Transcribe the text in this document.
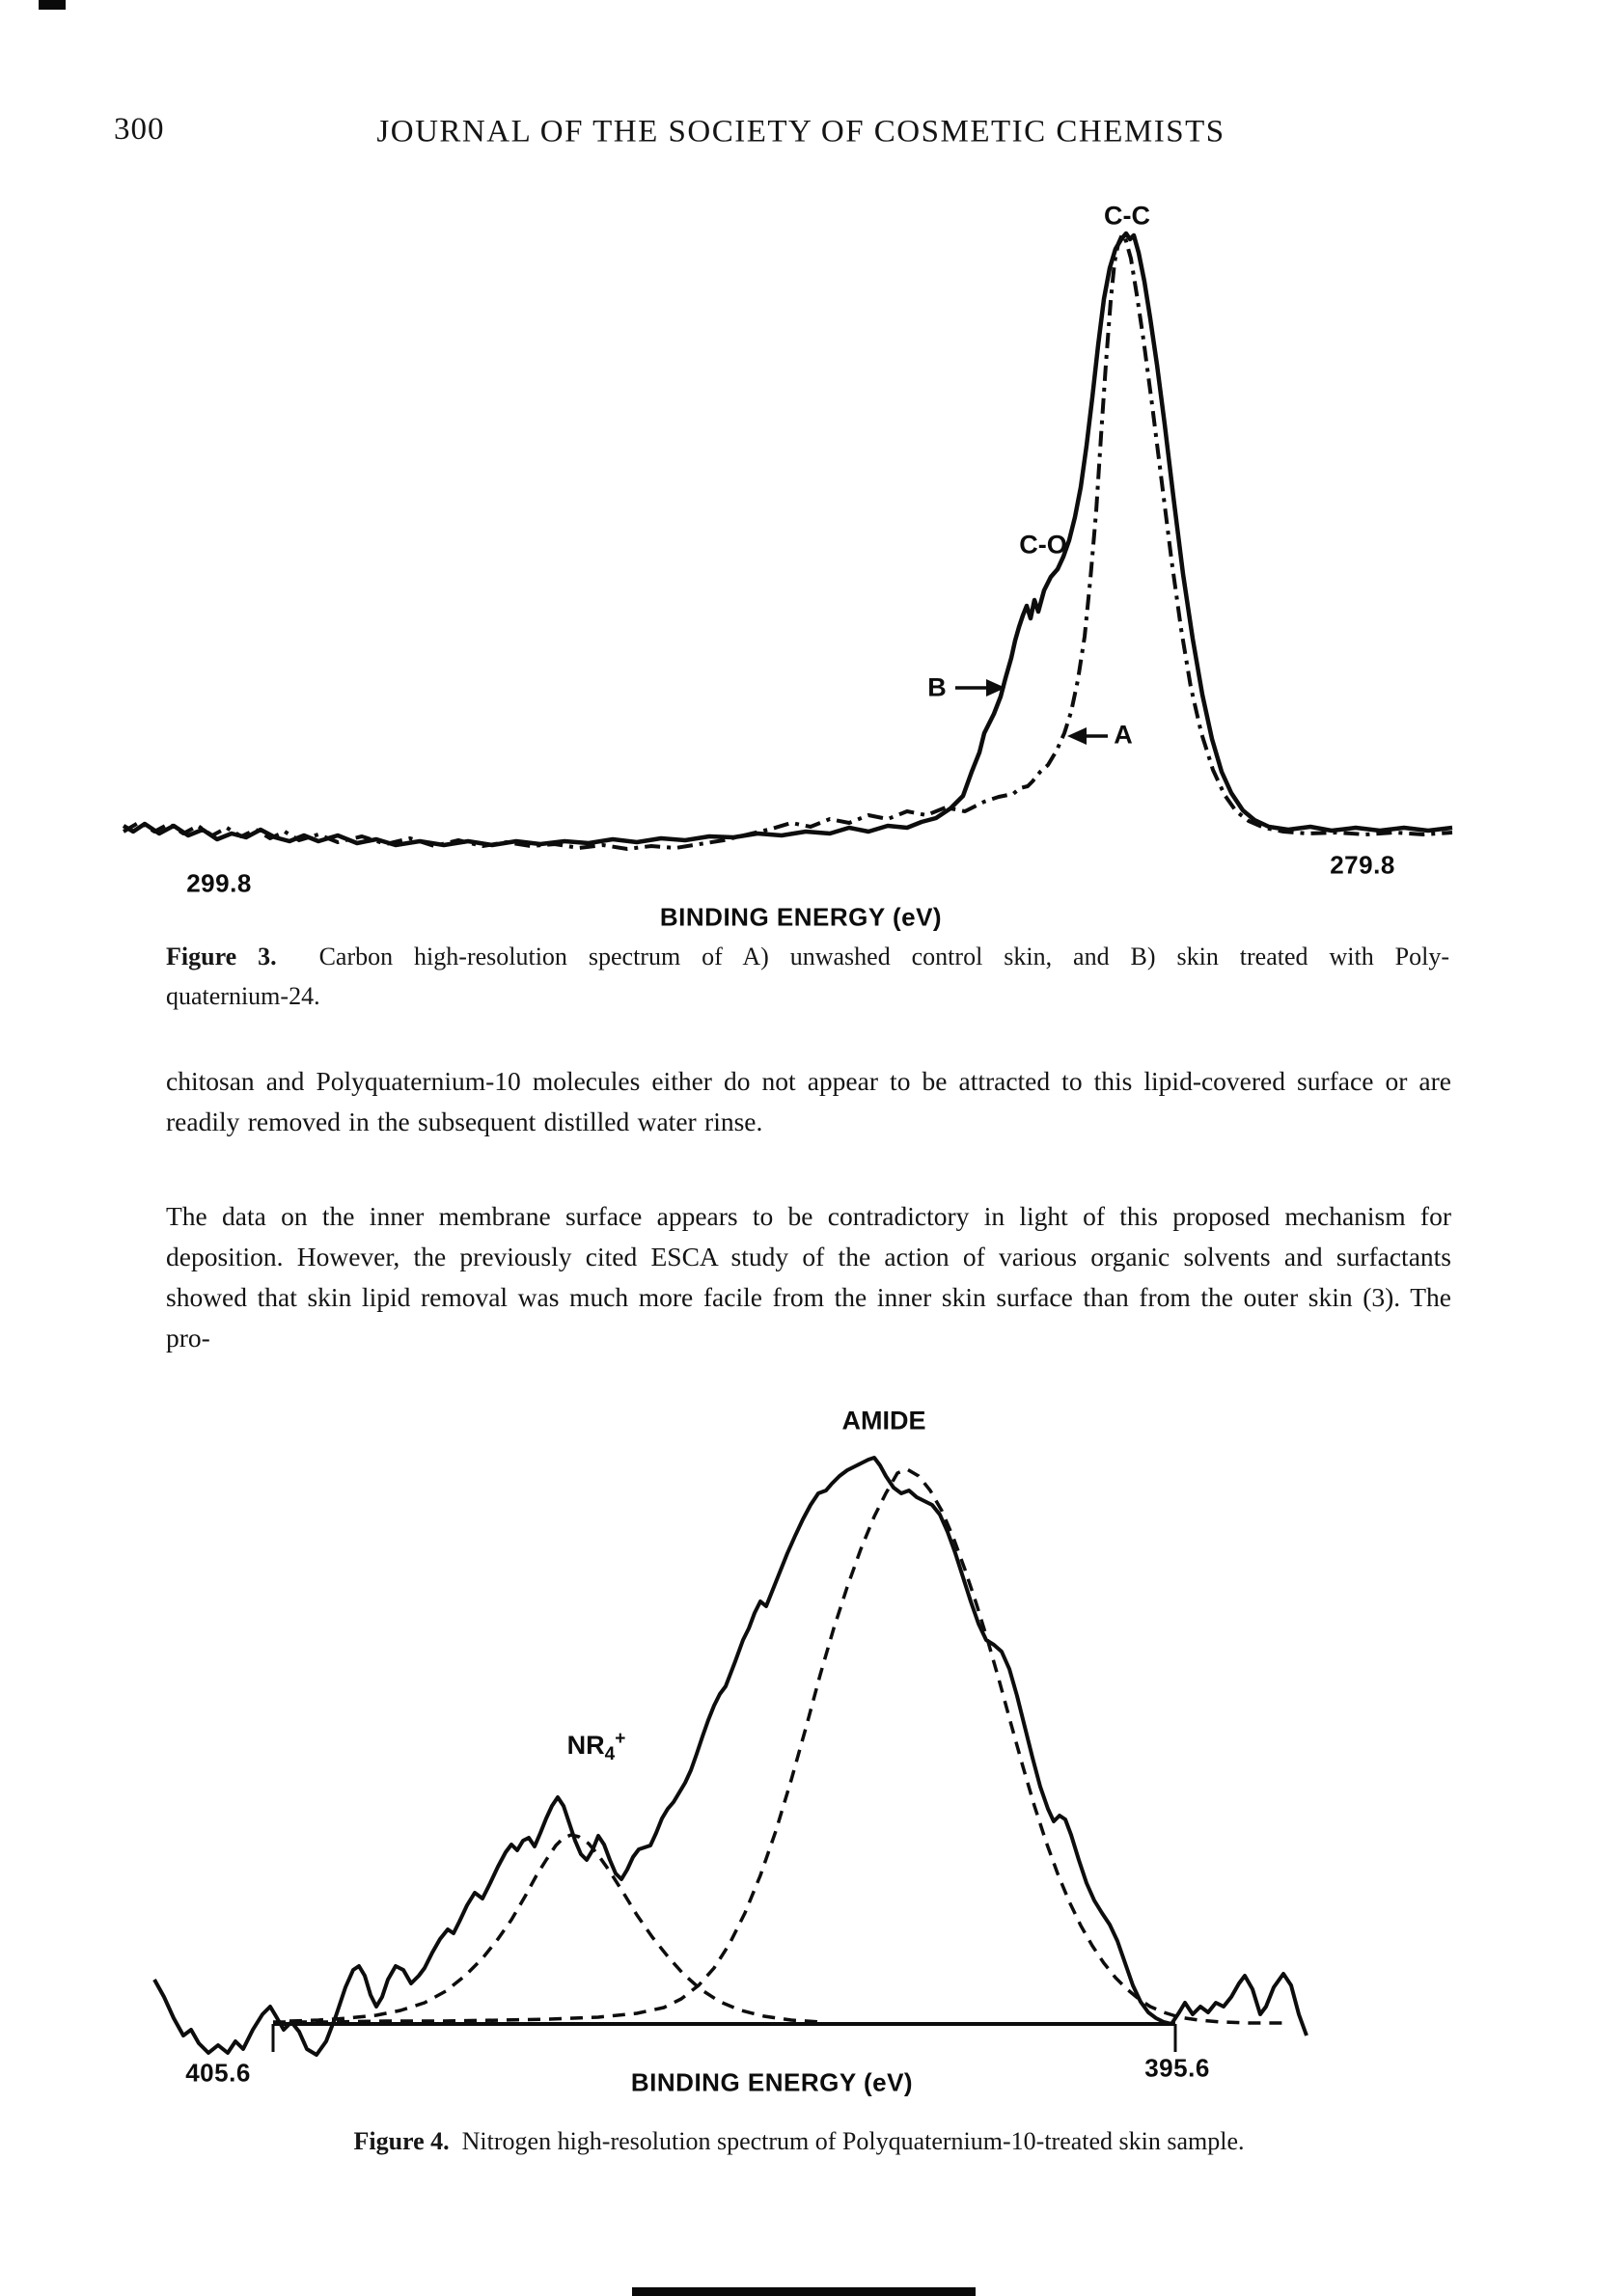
300	JOURNAL OF THE SOCIETY OF COSMETIC CHEMISTS
C-C
C-O
B
A
299.8
279.8
BINDING ENERGY (eV)
Figure 3. Carbon high-resolution spectrum of A) unwashed control skin, and B) skin treated with Poly-
quaternium-24.
chitosan and Polyquaternium-10 molecules either do not appear to be attracted to this lipid-covered surface or are readily removed in the subsequent distilled water rinse.
The data on the inner membrane surface appears to be contradictory in light of this proposed mechanism for deposition. However, the previously cited ESCA study of the action of various organic solvents and surfactants showed that skin lipid removal was much more facile from the inner skin surface than from the outer skin (3). The pro-
AMIDE
$NR_4^+$
405.6	395.6
BINDING ENERGY (eV)
Figure 4. Nitrogen high-resolution spectrum of Polyquaternium-10-treated skin sample.
